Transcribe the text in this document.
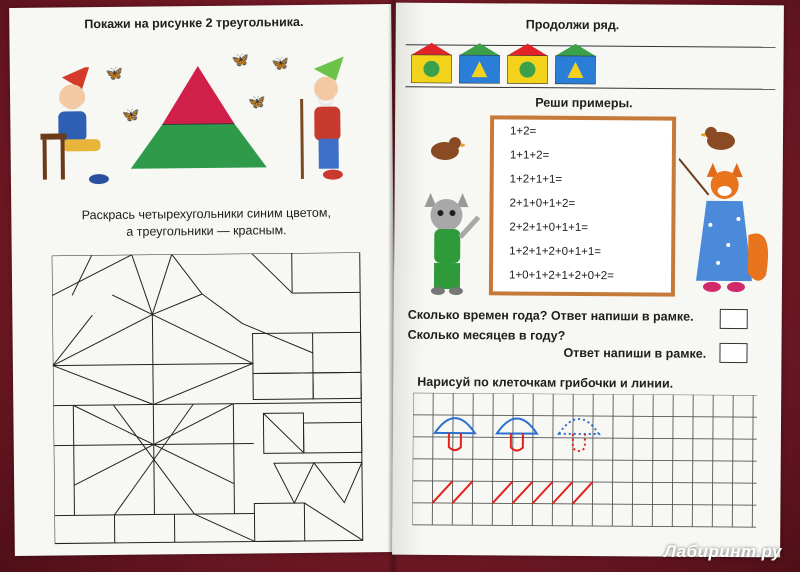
Покажи на рисунке 2 треугольника.
🦋
🦋
🦋 🦋
🦋
Раскрась четырехугольники синим цветом,
а треугольники — красным.
Продолжи ряд.
Реши примеры.
1+2=
1+1+2=
1+2+1+1=
2+1+0+1+2=
2+2+1+0+1+1=
1+2+1+2+0+1+1=
1+0+1+2+1+2+0+2=
Сколько времен года? Ответ напиши в рамке.
Сколько месяцев в году?
Ответ напиши в рамке.
Нарисуй по клеточкам грибочки и линии.
Лабиринт.ру
